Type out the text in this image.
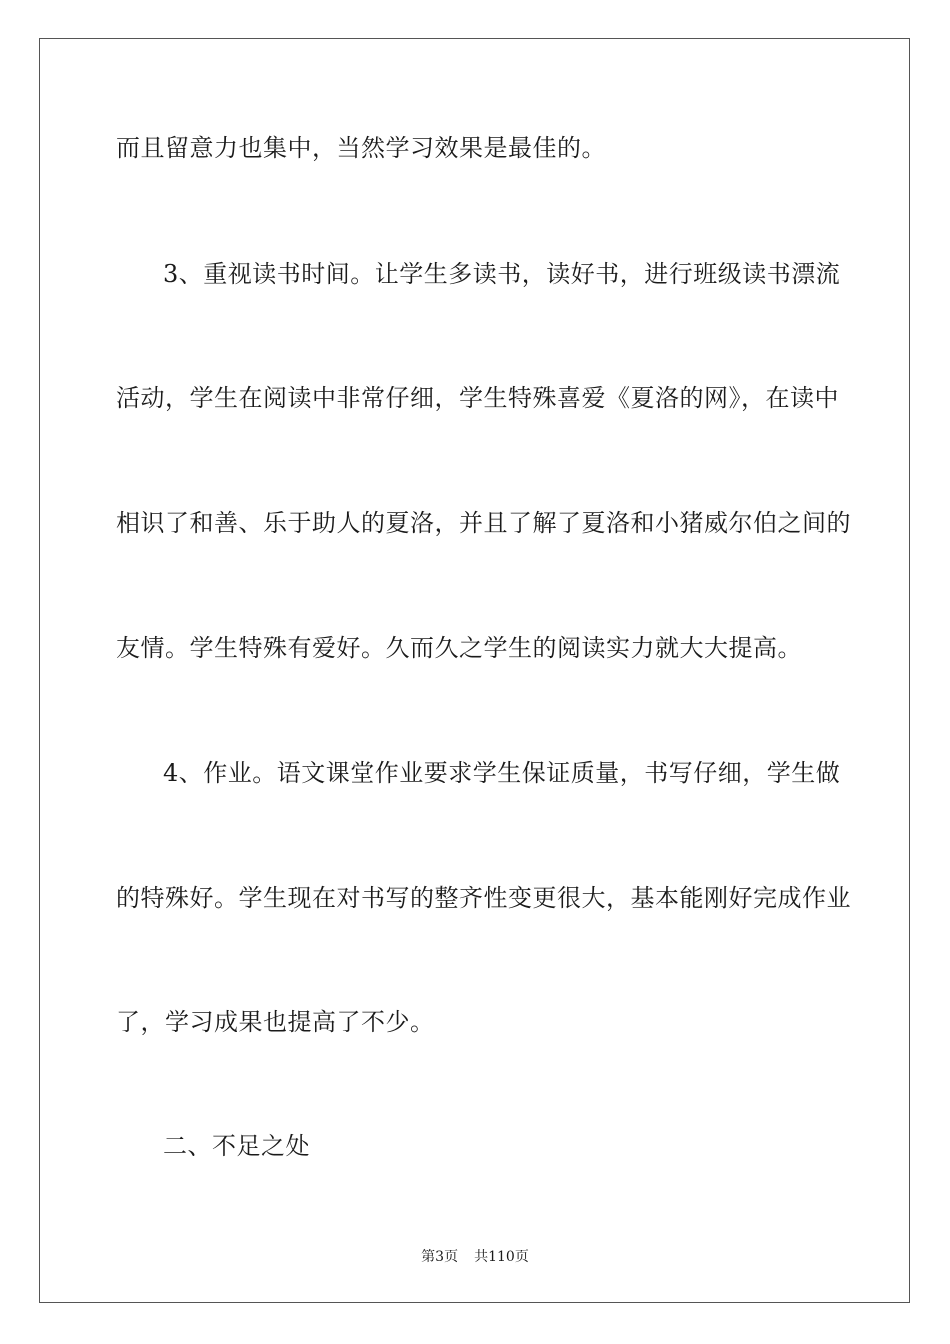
而且留意力也集中，当然学习效果是最佳的。
3、重视读书时间。让学生多读书，读好书，进行班级读书漂流
活动，学生在阅读中非常仔细，学生特殊喜爱《夏洛的网》，在读中
相识了和善、乐于助人的夏洛，并且了解了夏洛和小猪威尔伯之间的
友情。学生特殊有爱好。久而久之学生的阅读实力就大大提高。
4、作业。语文课堂作业要求学生保证质量，书写仔细，学生做
的特殊好。学生现在对书写的整齐性变更很大，基本能刚好完成作业
了，学习成果也提高了不少。
二、不足之处
第3页 共110页
